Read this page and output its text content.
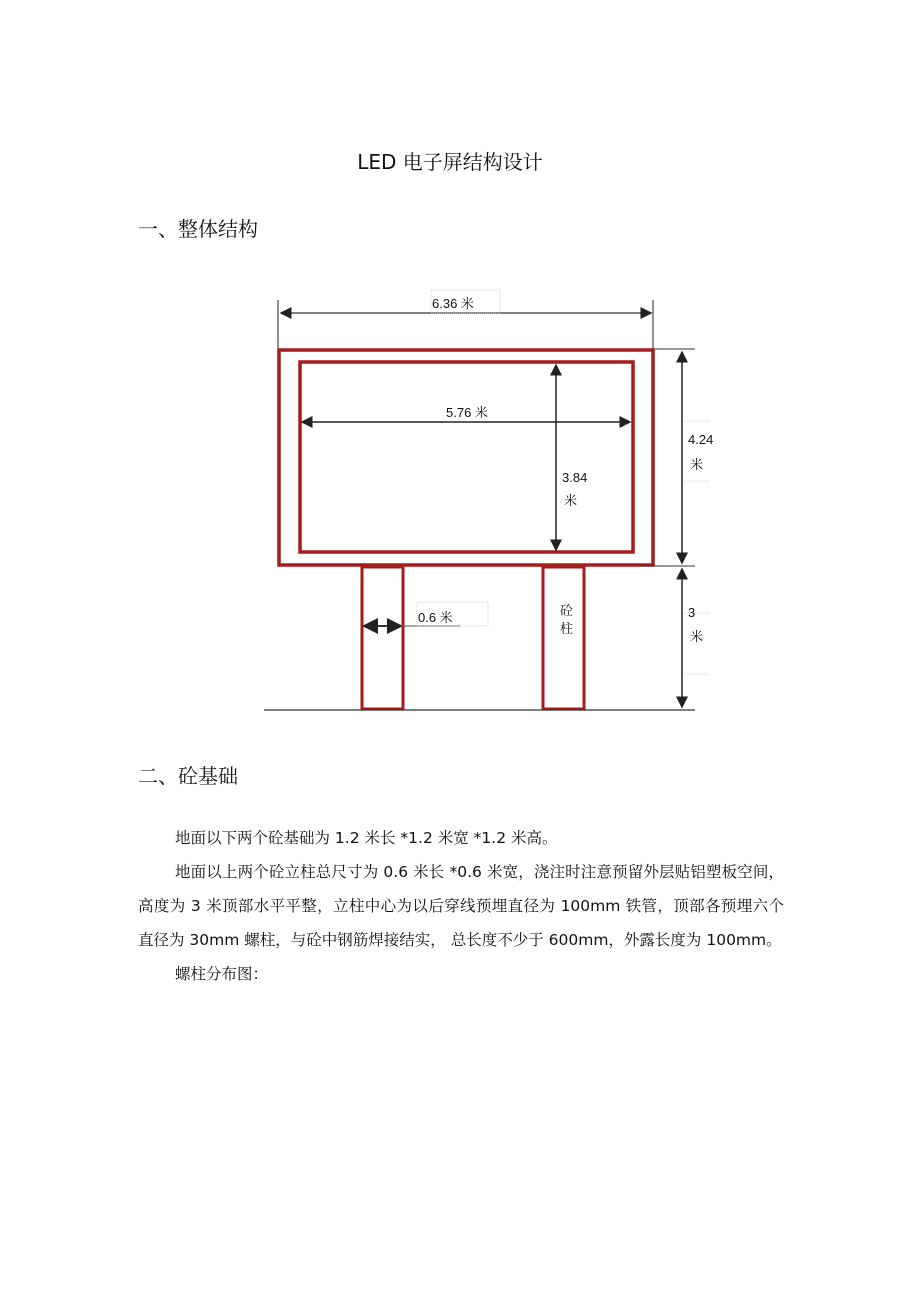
LED 电子屏结构设计
一、整体结构
6.36 米
5.76 米
3.84
米
4.24
米
3
米
0.6 米	砼
柱
二、砼基础

地面以下两个砼基础为 1.2 米长 *1.2 米宽 *1.2 米高。

地面以上两个砼立柱总尺寸为 0.6 米长 *0.6 米宽，浇注时注意预留外层贴铝塑板空间，高度为 3 米顶部水平平整，立柱中心为以后穿线预埋直径为 100mm 铁管，顶部各预埋六个直径为 30mm 螺柱，与砼中钢筋焊接结实， 总长度不少于 600mm，外露长度为 100mm。

螺柱分布图：
